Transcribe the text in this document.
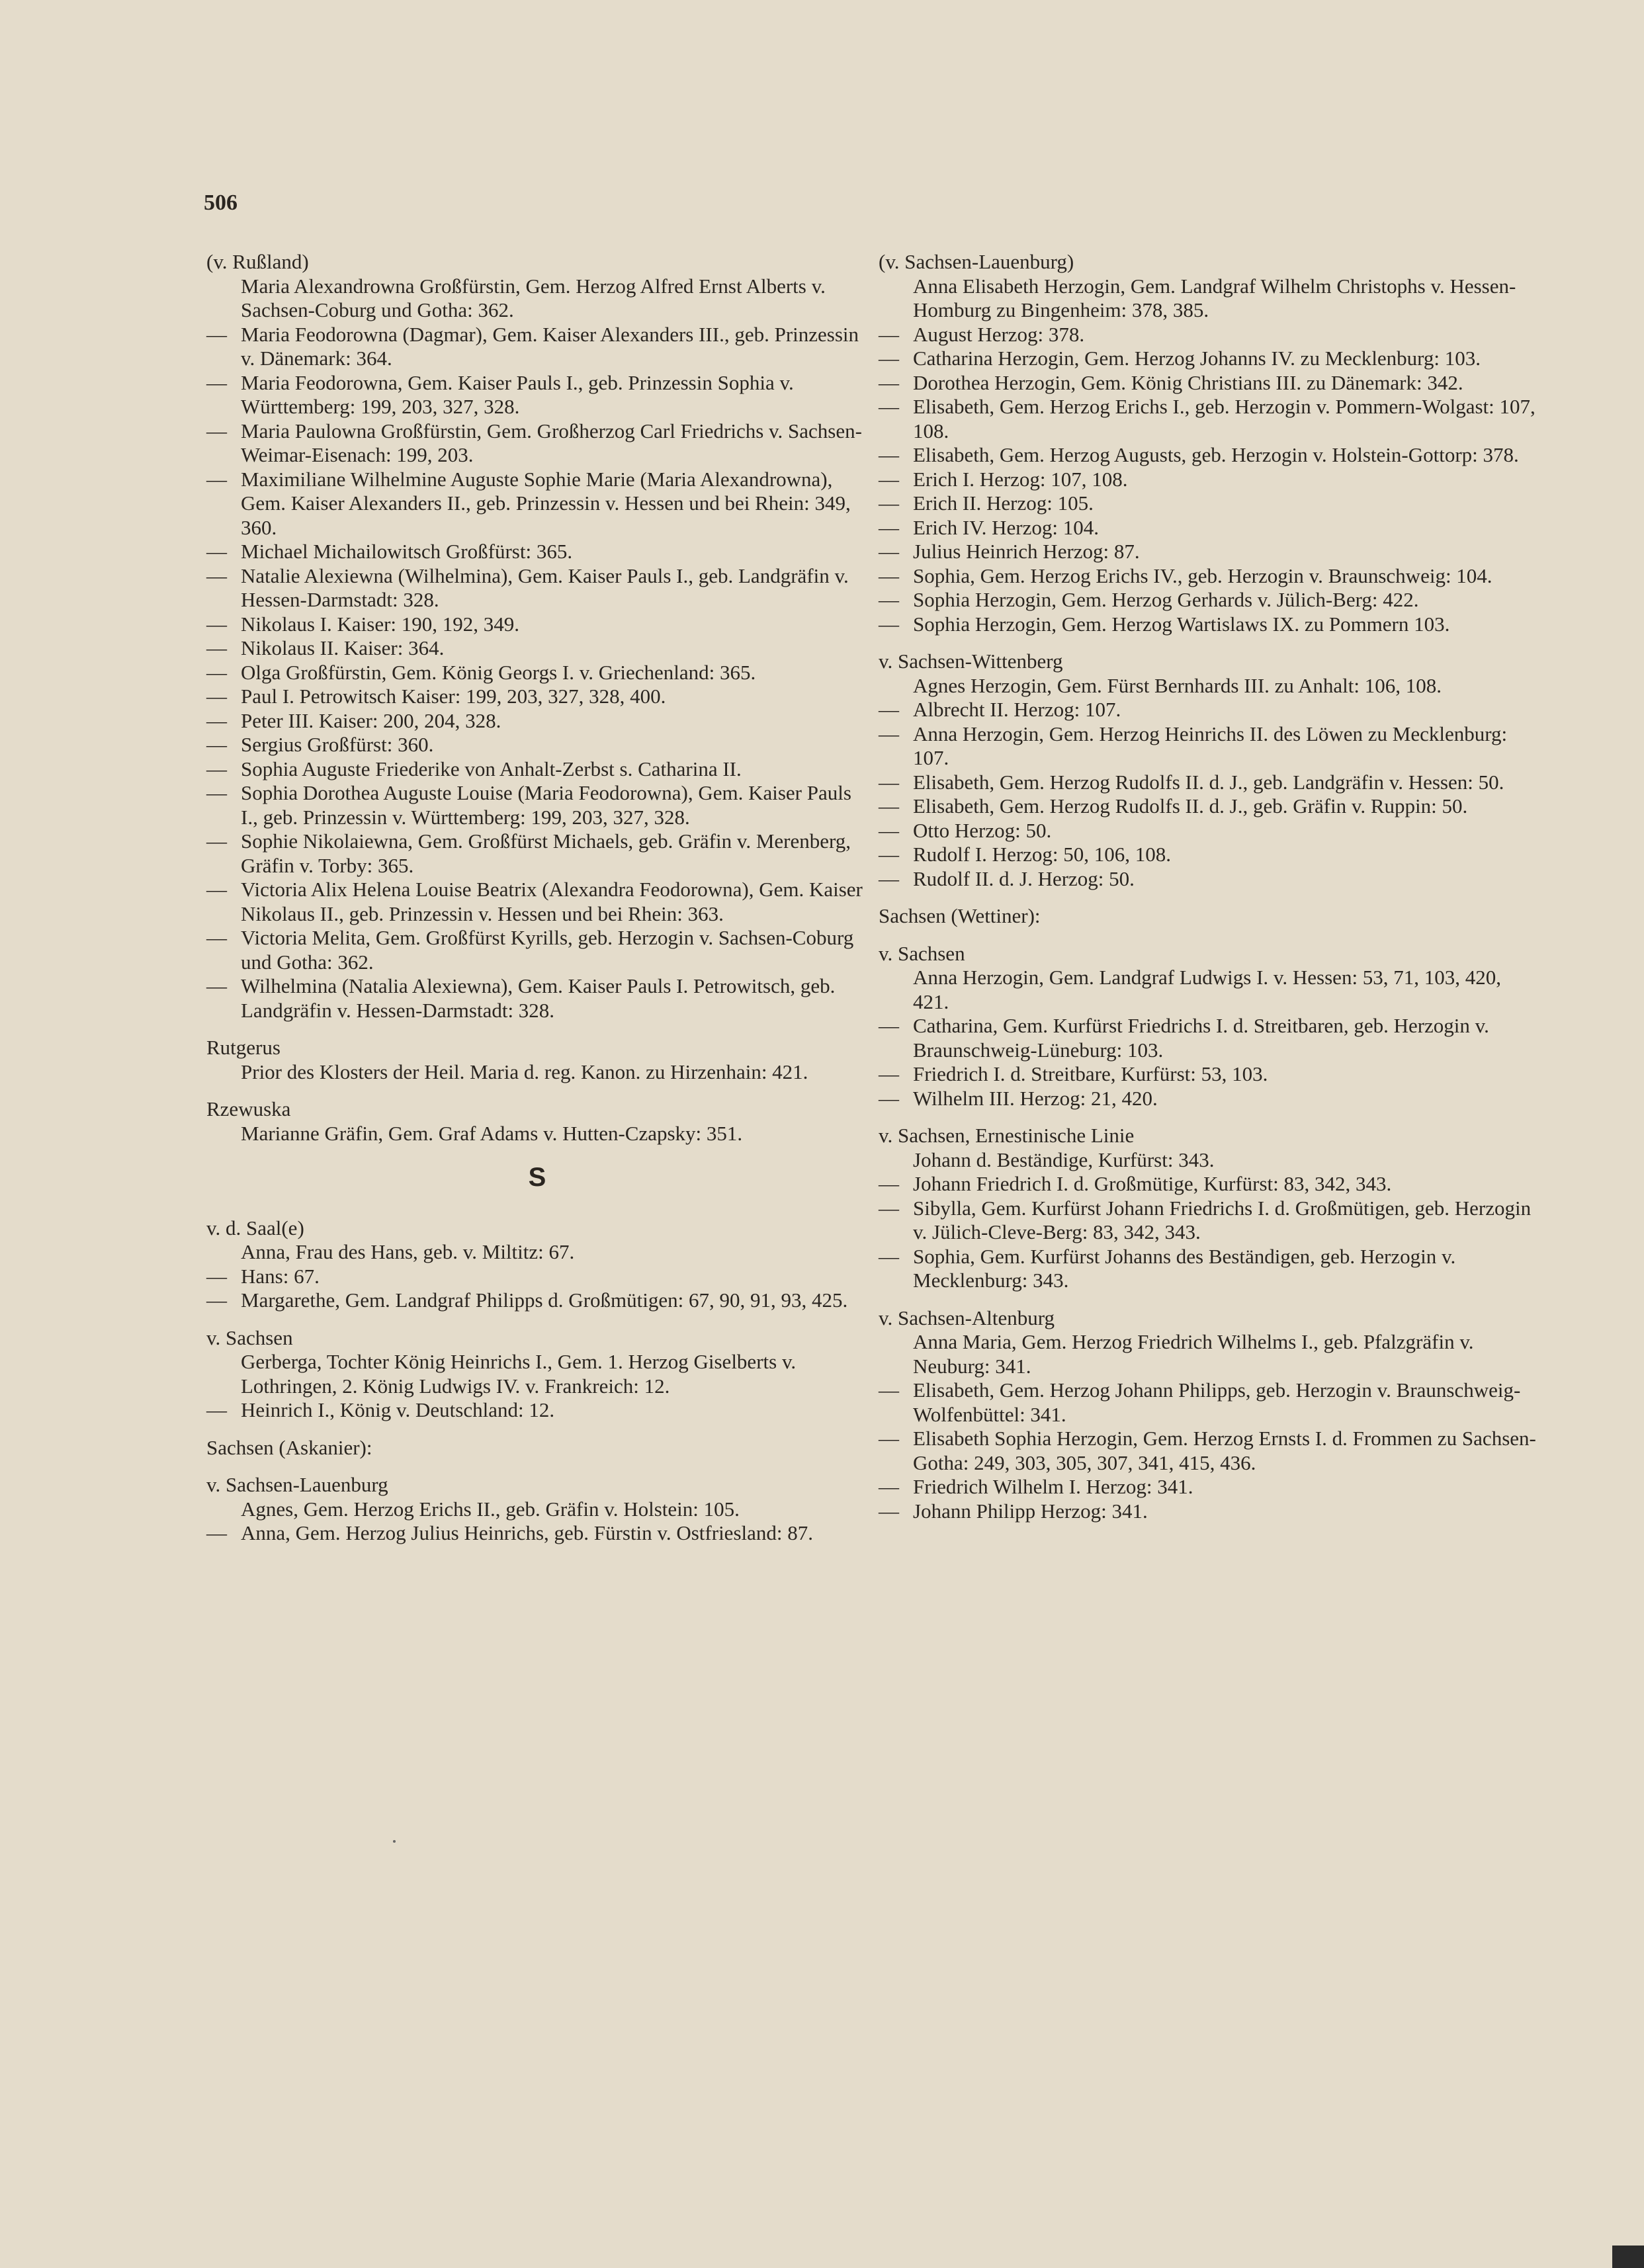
506
(v. Rußland)
Maria Alexandrowna Großfürstin, Gem. Herzog Alfred Ernst Alberts v. Sachsen-Coburg und Gotha: 362.
— Maria Feodorowna (Dagmar), Gem. Kaiser Alexanders III., geb. Prinzessin v. Dänemark: 364.
— Maria Feodorowna, Gem. Kaiser Pauls I., geb. Prinzessin Sophia v. Württemberg: 199, 203, 327, 328.
— Maria Paulowna Großfürstin, Gem. Großherzog Carl Friedrichs v. Sachsen-Weimar-Eisenach: 199, 203.
— Maximiliane Wilhelmine Auguste Sophie Marie (Maria Alexandrowna), Gem. Kaiser Alexanders II., geb. Prinzessin v. Hessen und bei Rhein: 349, 360.
— Michael Michailowitsch Großfürst: 365.
— Natalie Alexiewna (Wilhelmina), Gem. Kaiser Pauls I., geb. Landgräfin v. Hessen-Darmstadt: 328.
— Nikolaus I. Kaiser: 190, 192, 349.
— Nikolaus II. Kaiser: 364.
— Olga Großfürstin, Gem. König Georgs I. v. Griechenland: 365.
— Paul I. Petrowitsch Kaiser: 199, 203, 327, 328, 400.
— Peter III. Kaiser: 200, 204, 328.
— Sergius Großfürst: 360.
— Sophia Auguste Friederike von Anhalt-Zerbst s. Catharina II.
— Sophia Dorothea Auguste Louise (Maria Feodorowna), Gem. Kaiser Pauls I., geb. Prinzessin v. Württemberg: 199, 203, 327, 328.
— Sophie Nikolaiewna, Gem. Großfürst Michaels, geb. Gräfin v. Merenberg, Gräfin v. Torby: 365.
— Victoria Alix Helena Louise Beatrix (Alexandra Feodorowna), Gem. Kaiser Nikolaus II., geb. Prinzessin v. Hessen und bei Rhein: 363.
— Victoria Melita, Gem. Großfürst Kyrills, geb. Herzogin v. Sachsen-Coburg und Gotha: 362.
— Wilhelmina (Natalia Alexiewna), Gem. Kaiser Pauls I. Petrowitsch, geb. Landgräfin v. Hessen-Darmstadt: 328.
Rutgerus
Prior des Klosters der Heil. Maria d. reg. Kanon. zu Hirzenhain: 421.
Rzewuska
Marianne Gräfin, Gem. Graf Adams v. Hutten-Czapsky: 351.
S
v. d. Saal(e)
Anna, Frau des Hans, geb. v. Miltitz: 67.
— Hans: 67.
— Margarethe, Gem. Landgraf Philipps d. Großmütigen: 67, 90, 91, 93, 425.
v. Sachsen
Gerberga, Tochter König Heinrichs I., Gem. 1. Herzog Giselberts v. Lothringen, 2. König Ludwigs IV. v. Frankreich: 12.
— Heinrich I., König v. Deutschland: 12.
Sachsen (Askanier):
v. Sachsen-Lauenburg
Agnes, Gem. Herzog Erichs II., geb. Gräfin v. Holstein: 105.
— Anna, Gem. Herzog Julius Heinrichs, geb. Fürstin v. Ostfriesland: 87.
(v. Sachsen-Lauenburg)
Anna Elisabeth Herzogin, Gem. Landgraf Wilhelm Christophs v. Hessen-Homburg zu Bingenheim: 378, 385.
— August Herzog: 378.
— Catharina Herzogin, Gem. Herzog Johanns IV. zu Mecklenburg: 103.
— Dorothea Herzogin, Gem. König Christians III. zu Dänemark: 342.
— Elisabeth, Gem. Herzog Erichs I., geb. Herzogin v. Pommern-Wolgast: 107, 108.
— Elisabeth, Gem. Herzog Augusts, geb. Herzogin v. Holstein-Gottorp: 378.
— Erich I. Herzog: 107, 108.
— Erich II. Herzog: 105.
— Erich IV. Herzog: 104.
— Julius Heinrich Herzog: 87.
— Sophia, Gem. Herzog Erichs IV., geb. Herzogin v. Braunschweig: 104.
— Sophia Herzogin, Gem. Herzog Gerhards v. Jülich-Berg: 422.
— Sophia Herzogin, Gem. Herzog Wartislaws IX. zu Pommern 103.
v. Sachsen-Wittenberg
Agnes Herzogin, Gem. Fürst Bernhards III. zu Anhalt: 106, 108.
— Albrecht II. Herzog: 107.
— Anna Herzogin, Gem. Herzog Heinrichs II. des Löwen zu Mecklenburg: 107.
— Elisabeth, Gem. Herzog Rudolfs II. d. J., geb. Landgräfin v. Hessen: 50.
— Elisabeth, Gem. Herzog Rudolfs II. d. J., geb. Gräfin v. Ruppin: 50.
— Otto Herzog: 50.
— Rudolf I. Herzog: 50, 106, 108.
— Rudolf II. d. J. Herzog: 50.
Sachsen (Wettiner):
v. Sachsen
Anna Herzogin, Gem. Landgraf Ludwigs I. v. Hessen: 53, 71, 103, 420, 421.
— Catharina, Gem. Kurfürst Friedrichs I. d. Streitbaren, geb. Herzogin v. Braunschweig-Lüneburg: 103.
— Friedrich I. d. Streitbare, Kurfürst: 53, 103.
— Wilhelm III. Herzog: 21, 420.
v. Sachsen, Ernestinische Linie
Johann d. Beständige, Kurfürst: 343.
— Johann Friedrich I. d. Großmütige, Kurfürst: 83, 342, 343.
— Sibylla, Gem. Kurfürst Johann Friedrichs I. d. Großmütigen, geb. Herzogin v. Jülich-Cleve-Berg: 83, 342, 343.
— Sophia, Gem. Kurfürst Johanns des Beständigen, geb. Herzogin v. Mecklenburg: 343.
v. Sachsen-Altenburg
Anna Maria, Gem. Herzog Friedrich Wilhelms I., geb. Pfalzgräfin v. Neuburg: 341.
— Elisabeth, Gem. Herzog Johann Philipps, geb. Herzogin v. Braunschweig-Wolfenbüttel: 341.
— Elisabeth Sophia Herzogin, Gem. Herzog Ernsts I. d. Frommen zu Sachsen-Gotha: 249, 303, 305, 307, 341, 415, 436.
— Friedrich Wilhelm I. Herzog: 341.
— Johann Philipp Herzog: 341.
